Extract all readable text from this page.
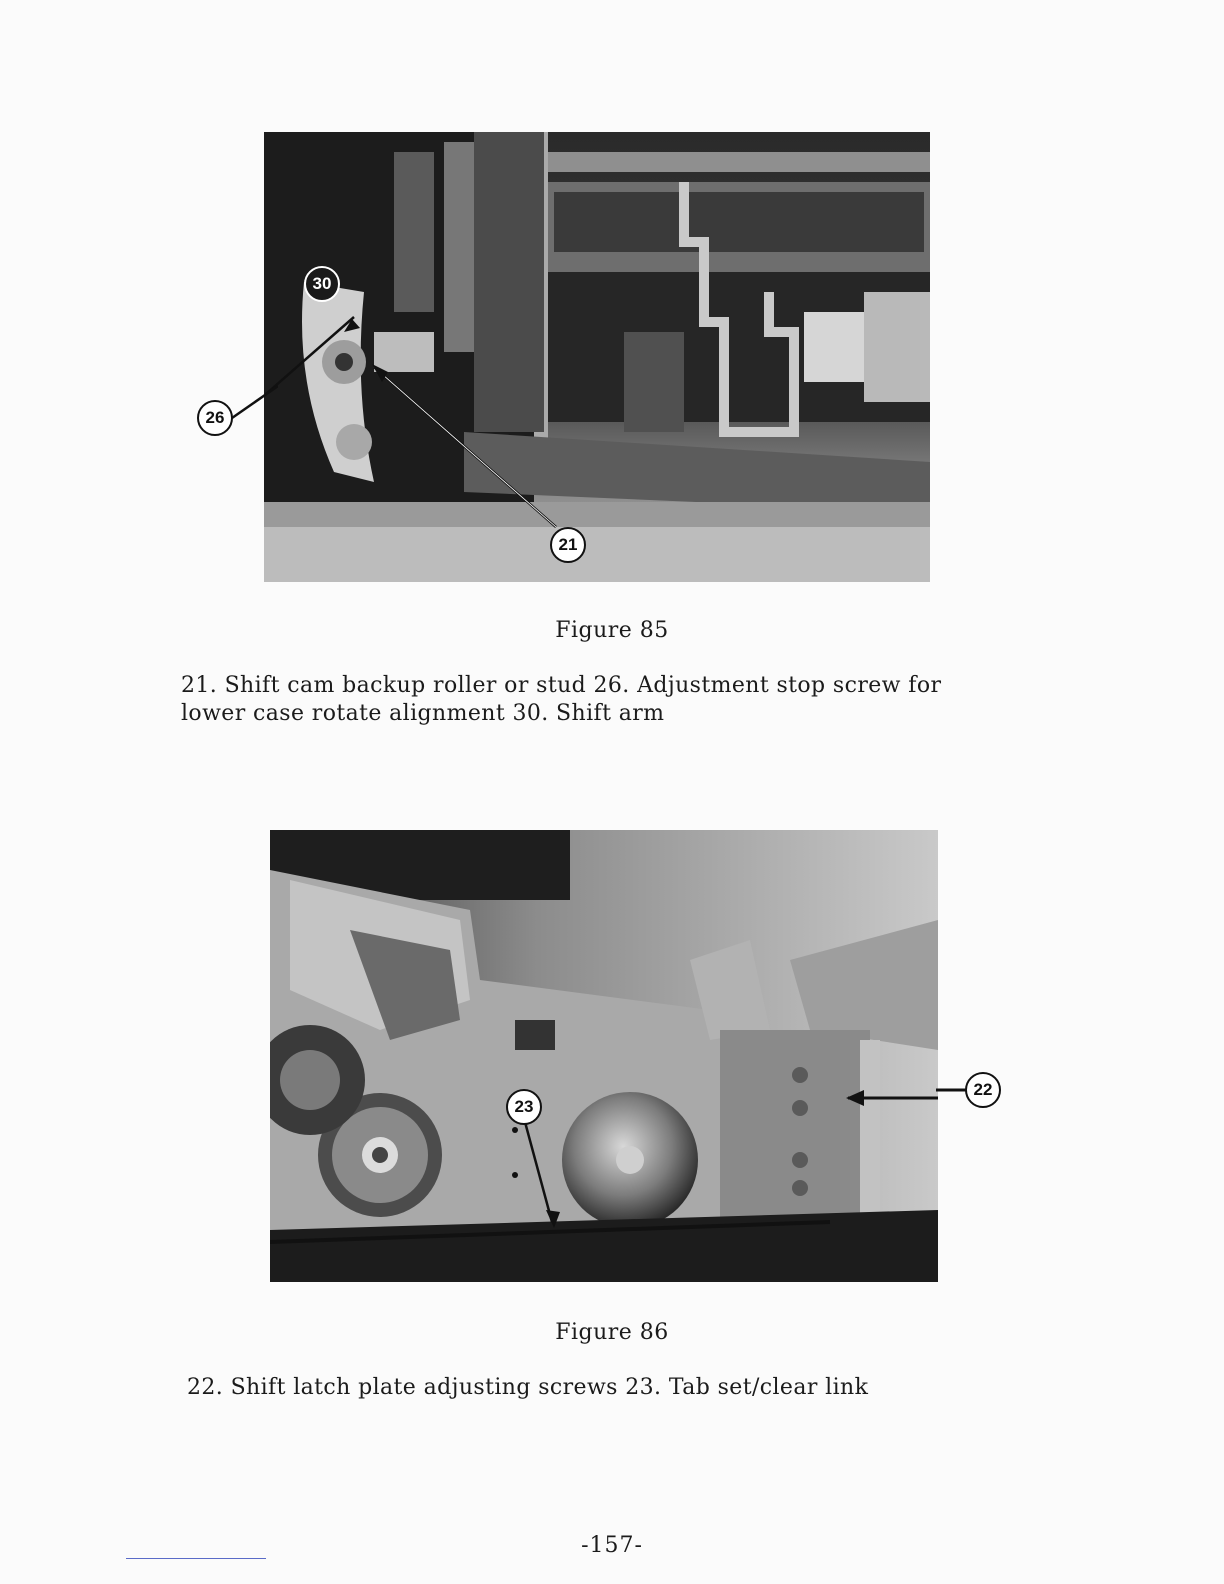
30
26
21
Figure 85
21. Shift cam backup roller or stud 26. Adjustment stop screw for
lower case rotate alignment 30. Shift arm
23
22
Figure 86
22. Shift latch plate adjusting screws 23. Tab set/clear link
-157-
